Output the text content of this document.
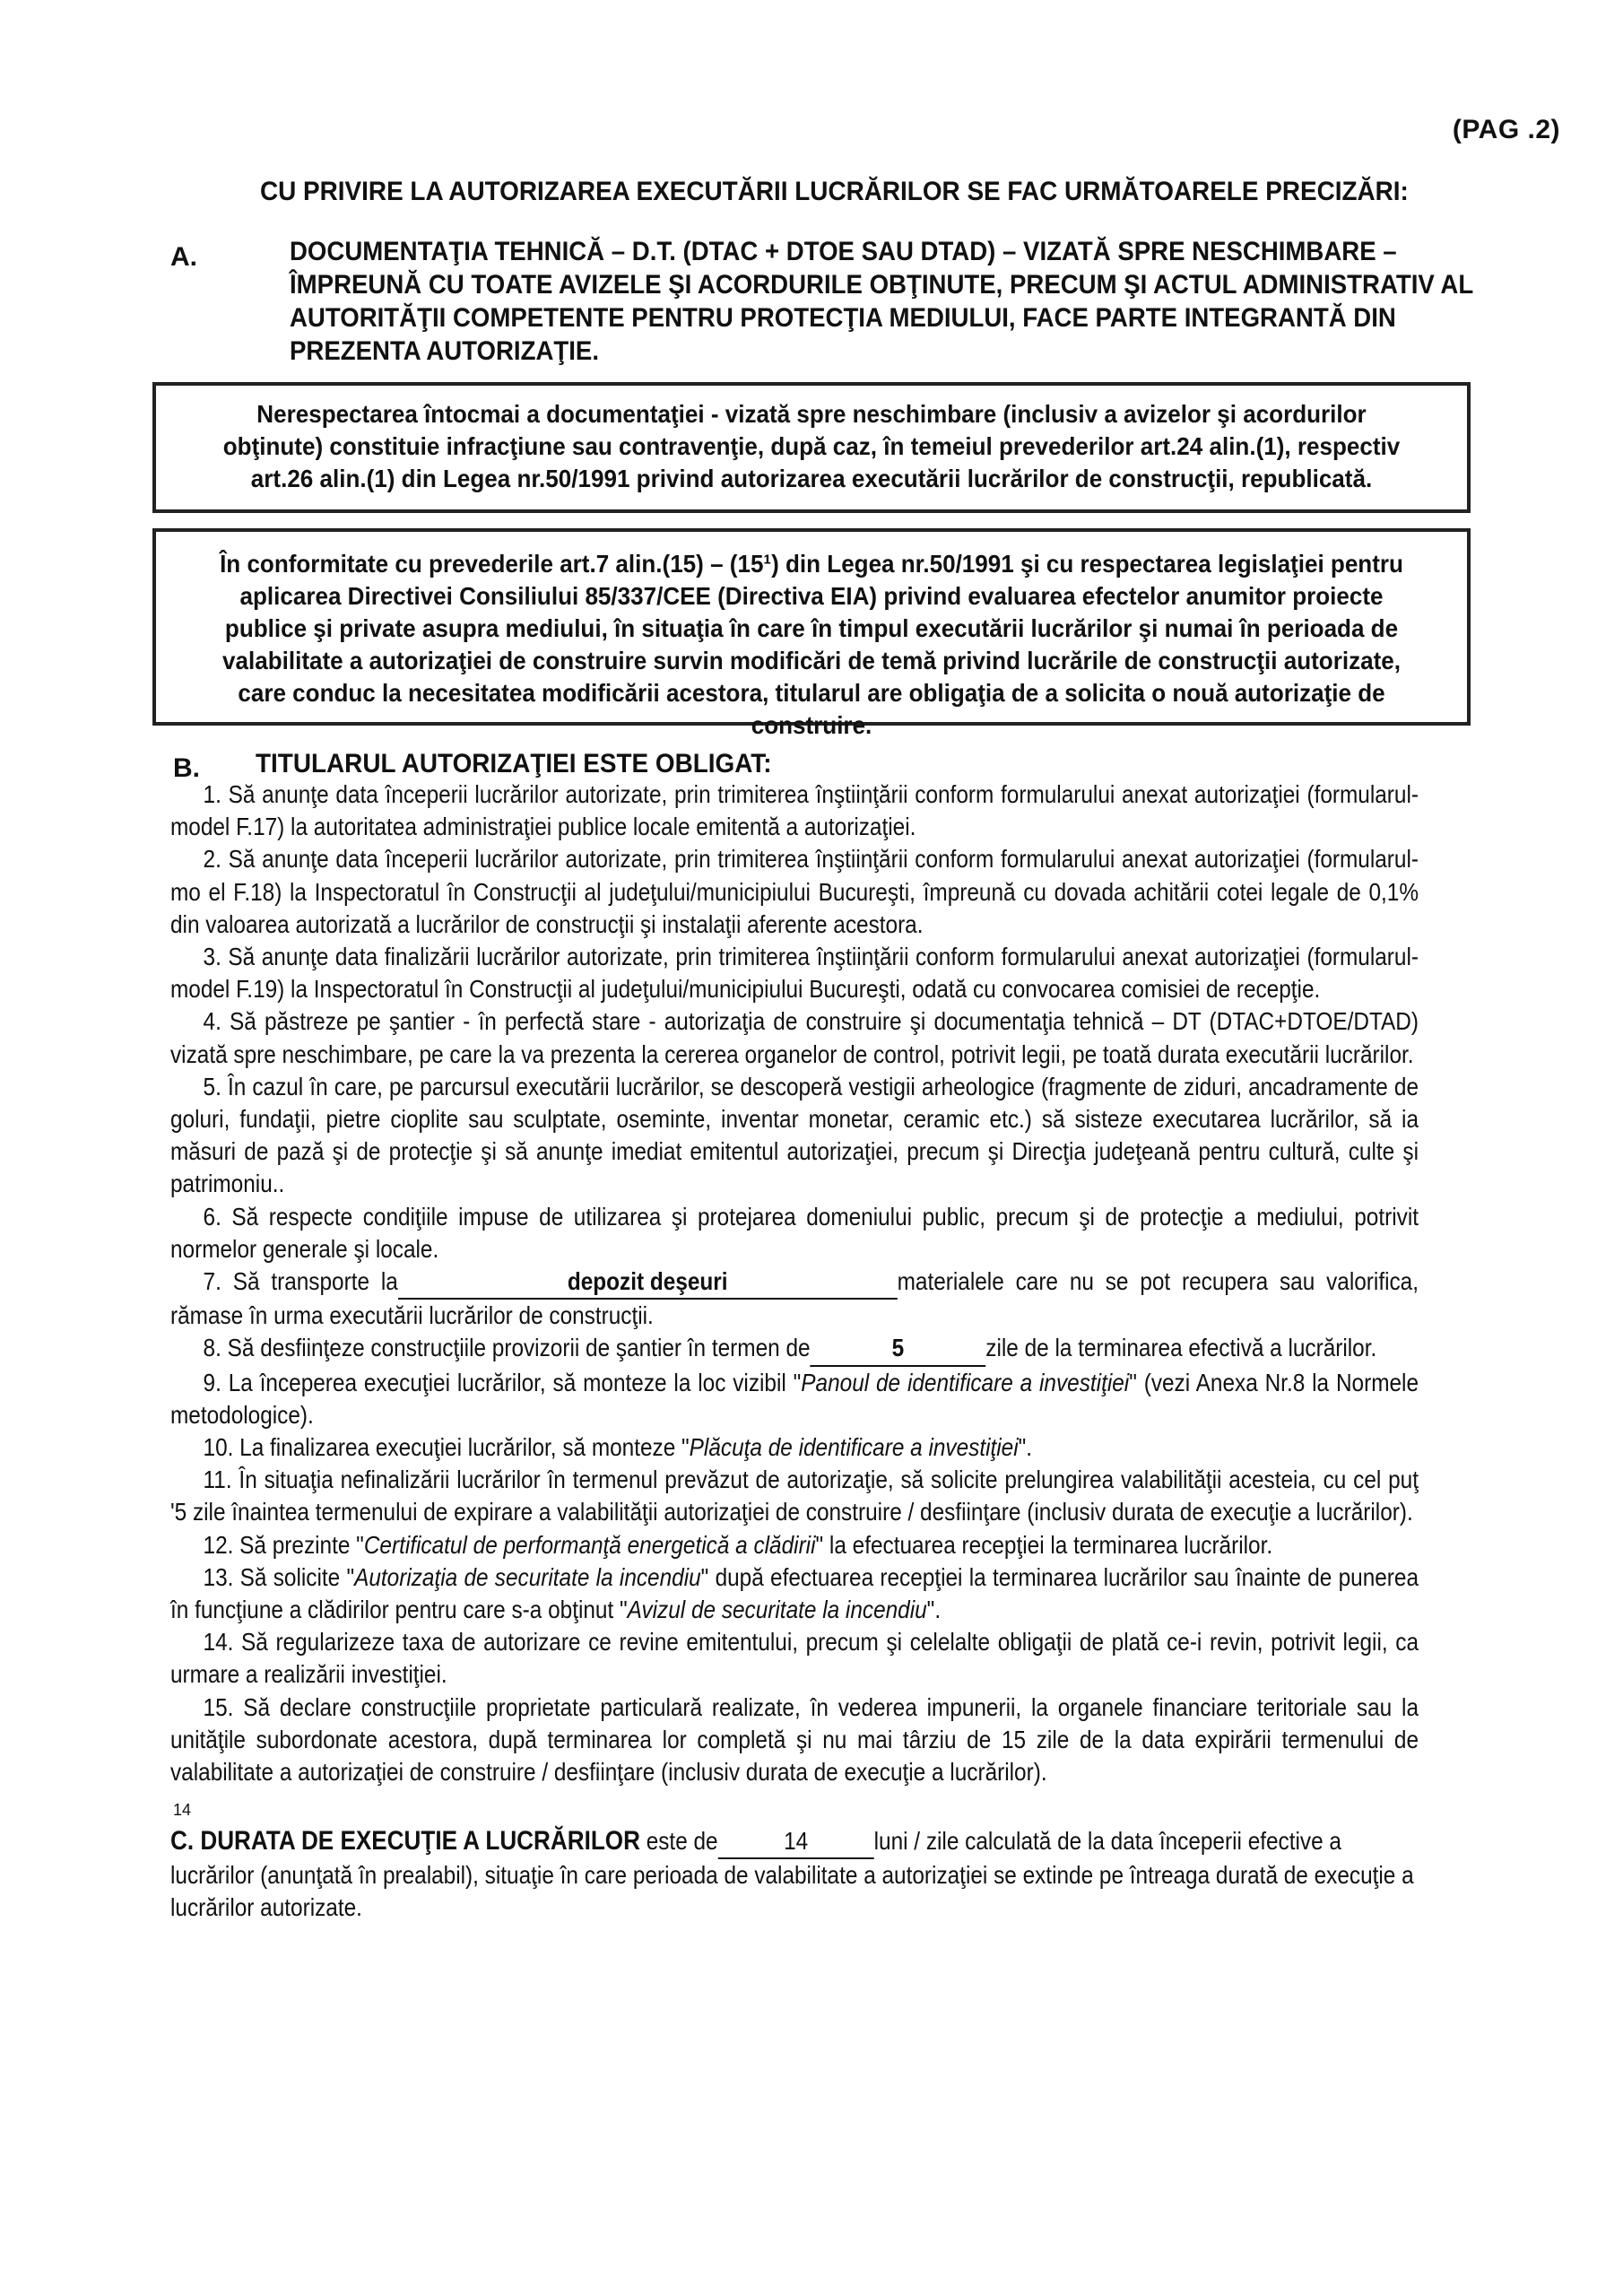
(PAG .2)
CU PRIVIRE LA AUTORIZAREA EXECUTĂRII LUCRĂRILOR SE FAC URMĂTOARELE PRECIZĂRI:
A.	DOCUMENTAŢIA TEHNICĂ – D.T. (DTAC + DTOE SAU DTAD) – VIZATĂ SPRE NESCHIMBARE – ÎMPREUNĂ CU TOATE AVIZELE ŞI ACORDURILE OBŢINUTE, PRECUM ŞI ACTUL ADMINISTRATIV AL AUTORITĂŢII COMPETENTE PENTRU PROTECŢIA MEDIULUI, FACE PARTE INTEGRANTĂ DIN PREZENTA AUTORIZAŢIE.
Nerespectarea întocmai a documentaţiei - vizată spre neschimbare (inclusiv a avizelor şi acordurilor obţinute) constituie infracţiune sau contravenţie, după caz, în temeiul prevederilor art.24 alin.(1), respectiv art.26 alin.(1) din Legea nr.50/1991 privind autorizarea executării lucrărilor de construcţii, republicată.
În conformitate cu prevederile art.7 alin.(15) – (15¹) din Legea nr.50/1991 şi cu respectarea legislaţiei pentru aplicarea Directivei Consiliului 85/337/CEE (Directiva EIA) privind evaluarea efectelor anumitor proiecte publice şi private asupra mediului, în situaţia în care în timpul executării lucrărilor şi numai în perioada de valabilitate a autorizaţiei de construire survin modificări de temă privind lucrările de construcţii autorizate, care conduc la necesitatea modificării acestora, titularul are obligaţia de a solicita o nouă autorizaţie de construire.
B. TITULARUL AUTORIZAŢIEI ESTE OBLIGAT:
1. Să anunţe data începerii lucrărilor autorizate, prin trimiterea înştiinţării conform formularului anexat autorizaţiei (formularul-model F.17) la autoritatea administraţiei publice locale emitentă a autorizaţiei.
2. Să anunţe data începerii lucrărilor autorizate, prin trimiterea înştiinţării conform formularului anexat autorizaţiei (formularul-mo el F.18) la Inspectoratul în Construcţii al judeţului/municipiului Bucureşti, împreună cu dovada achitării cotei legale de 0,1% din valoarea autorizată a lucrărilor de construcţii şi instalaţii aferente acestora.
3. Să anunţe data finalizării lucrărilor autorizate, prin trimiterea înştiinţării conform formularului anexat autorizaţiei (formularul-model F.19) la Inspectoratul în Construcţii al judeţului/municipiului Bucureşti, odată cu convocarea comisiei de recepţie.
4. Să păstreze pe şantier - în perfectă stare - autorizaţia de construire şi documentaţia tehnică – DT (DTAC+DTOE/DTAD) vizată spre neschimbare, pe care la va prezenta la cererea organelor de control, potrivit legii, pe toată durata executării lucrărilor.
5. În cazul în care, pe parcursul executării lucrărilor, se descoperă vestigii arheologice (fragmente de ziduri, ancadramente de goluri, fundaţii, pietre cioplite sau sculptate, oseminte, inventar monetar, ceramic etc.) să sisteze executarea lucrărilor, să ia măsuri de pază şi de protecţie şi să anunţe imediat emitentul autorizaţiei, precum şi Direcţia judeţeană pentru cultură, culte şi patrimoniu..
6. Să respecte condiţiile impuse de utilizarea şi protejarea domeniului public, precum şi de protecţie a mediului, potrivit normelor generale şi locale.
7. Să transporte la	depozit deşeuri	materialele care nu se pot recupera sau valorifica, rămase în urma executării lucrărilor de construcţii.
8. Să desfiinţeze construcţiile provizorii de şantier în termen de	5	zile de la terminarea efectivă a lucrărilor.
9. La începerea execuţiei lucrărilor, să monteze la loc vizibil "Panoul de identificare a investiţiei" (vezi Anexa Nr.8 la Normele metodologice).
10. La finalizarea execuţiei lucrărilor, să monteze "Plăcuţa de identificare a investiţiei".
11. În situaţia nefinalizării lucrărilor în termenul prevăzut de autorizaţie, să solicite prelungirea valabilităţii acesteia, cu cel puţ '5 zile înaintea termenului de expirare a valabilităţii autorizaţiei de construire / desfiinţare (inclusiv durata de execuţie a lucrărilor).
12. Să prezinte "Certificatul de performanţă energetică a clădirii" la efectuarea recepţiei la terminarea lucrărilor.
13. Să solicite "Autorizaţia de securitate la incendiu" după efectuarea recepţiei la terminarea lucrărilor sau înainte de punerea în funcţiune a clădirilor pentru care s-a obţinut "Avizul de securitate la incendiu".
14. Să regularizeze taxa de autorizare ce revine emitentului, precum şi celelalte obligaţii de plată ce-i revin, potrivit legii, ca urmare a realizării investiţiei.
15. Să declare construcţiile proprietate particulară realizate, în vederea impunerii, la organele financiare teritoriale sau la unităţile subordonate acestora, după terminarea lor completă şi nu mai târziu de 15 zile de la data expirării termenului de valabilitate a autorizaţiei de construire / desfiinţare (inclusiv durata de execuţie a lucrărilor).
14
C. DURATA DE EXECUŢIE A LUCRĂRILOR este de	14	luni / zile calculată de la data începerii efective a lucrărilor (anunţată în prealabil), situaţie în care perioada de valabilitate a autorizaţiei se extinde pe întreaga durată de execuţie a lucrărilor autorizate.
